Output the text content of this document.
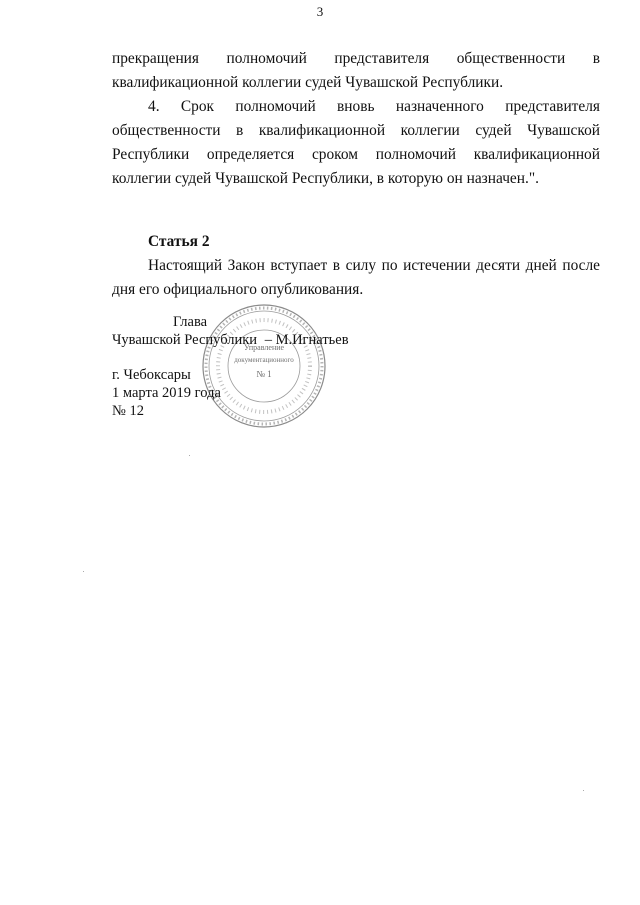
3
прекращения полномочий представителя общественности в квалификационной коллегии судей Чувашской Республики.
4. Срок полномочий вновь назначенного представителя общественности в квалификационной коллегии судей Чувашской Республики определяется сроком полномочий квалификационной коллегии судей Чувашской Республики, в которую он назначен.".
Статья 2
Настоящий Закон вступает в силу по истечении десяти дней после дня его официального опубликования.
Управление
документационного
№ 1
Глава
Чувашской Республики – М.Игнатьев
г. Чебоксары
1 марта 2019 года
№ 12
